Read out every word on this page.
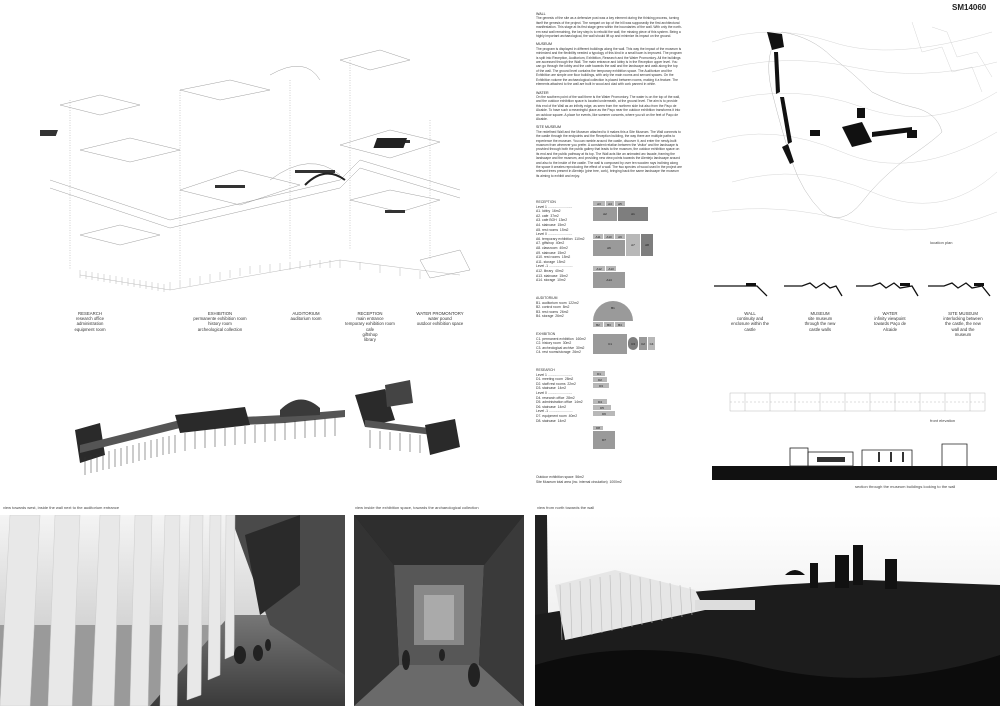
SM14060
RESEARCH
research office
administration
equipment room
EXHIBITION
permanente exhibition room
history room
archeological collection
AUDITORIUM
auditorium room
RECEPTION
main entrance
temporary exhibition room
cafe
giftshop
library
WATER PROMONTORY
water pound
outdoor exhibition space
WALL
The genesis of the site as a defensive post was a key element during the thinking process, turning
itself the genesis of the project. The rampart on top of the hill was supposedly the first architectural
manifestation. This stage at its first stage grew within the boundaries of the wall. With only the north-
ern east wall remaining, the key step is to rebuild the wall, the missing piece of this system. Being a
highly important archaeological, the wall should lift up and minimize its impact on the ground.
MUSEUM
The program is displayed in different buildings along the wall. This way the impact of the museum is
minimized and the flexibility needed a typology of this kind in a small town is improved. The program
is split into Reception, Auditorium, Exhibition, Research and the Water Promontory. All the buildings
are accessed through the Wall. The main entrance and lobby is in the Reception upper level. You
can go through the lobby and the cafe towards the wall and the landscape and walk along the top
of the wall. The ground level contains the temporary exhibition space. The Auditorium and the
Exhibition are simple one floor buildings, with only the main rooms and servant spaces. On the
Exhibition volume the archaeological collection is placed between rooms, making it a feature. The
elements attached to the wall are built in wood and clad with cork panned in white.
WATER
On the southern point of the wall there is the Water Promontory. The water is on the top of the wall,
and the outdoor exhibition space is located underneath, at the ground level. The aim is to provide
this end of the Wall as an infinity edge, as seen from the northern side but also from the Paço de
Alcaide. To have such a meaningful place as the Paço near the outdoor exhibition transforms it into
an outdoor square. A place for events, like summer concerts, where you sit on the feet of Paço de
Alcaide.
SITE MUSEUM
The redefined Wall and the Museum attached to it makes this a Site Museum. The Wall connects to
the castle through the endpoints and the Reception building, the way there are multiple paths to
experience the museum. You can ramble around the castle, discover it, and enter the newly-built
museum from wherever you prefer. A consistent relation between the 'visitor' and the landscape is
provided through both the public gallery that leads to the museum, the outdoor exhibition space on
its end and the public pathway at its top. The Wall acts like an animated arc facade, framing the
landscape and the museum, and providing new view points towards the Alentejo landscape around
and also to the inside of the castle. The wall is composed by over ten wooden rays inclining along
the space it creates reproducing the effect of a wall. The two species of wood used in the project are
relevant trees present in Alentejo (pine tree, cork), bringing back the same landscape the museum
its aiming to exhibit and enjoy.
RECEPTION
Level 1 ..........................
A1. lobby  16m2
A2. cafe  37m2
A3. cafe BOH  13m2
A4. staircase  15m2
A5. rest rooms  15m2
Level 0 ..........................
A6. temporary exhibition  110m2
A7. giftshop  40m2
A8. classroom  40m2
A9. staircase  15m2
A10. rest rooms  15m2
A11. storage  15m2
Level -1 .........................
A12. library  40m2
A13. staircase  15m2
A14. storage  10m2
AUDITORIUM
B1. auditorium room  122m2
B2. control room  8m2
B3. rest rooms  26m2
B4. storage  26m2
EXHIBITION
C1. permanent exhibition  160m2
C2. history room  30m2
C3. archeological archive  30m2
C4. rest rooms/storage  26m2
RESEARCH
Level 1 ..........................
D1. meeting room  28m2
D2. staff rest rooms  22m2
D3. staircase  14m2
Level 0 ..........................
D4. research office  28m2
D5. administration office  14m2
D6. staircase  14m2
Level -1 .........................
D7. equipment room  40m2
D8. staircase  14m2

Outdoor exhibition space  56m2
Site Museum total area (inc. internal circulation)  1000m2

A3	A4	A5
A2	A1
A11	A10	A9
A6
A7	A8
A12	A13
A14
B1
B2	B3	B4
C1	C3	C2	C4
D1
D2
D3
D4
D5
D6
D7
D8
location plan
WALL
continuity and
enclosure within the
castle
MUSEUM
site museum
through the new
castle walls
WATER
infinity viewpoint
towards Paço de
Alcaide
SITE MUSEUM
interlocking between
the castle, the new
wall and the
museum
front elevation
section through the museum buildings looking to the wall
view towards west, inside the wall next to the auditorium entrance	view inside the exhibition space, towards the archaeological collection	view from north towards the wall
